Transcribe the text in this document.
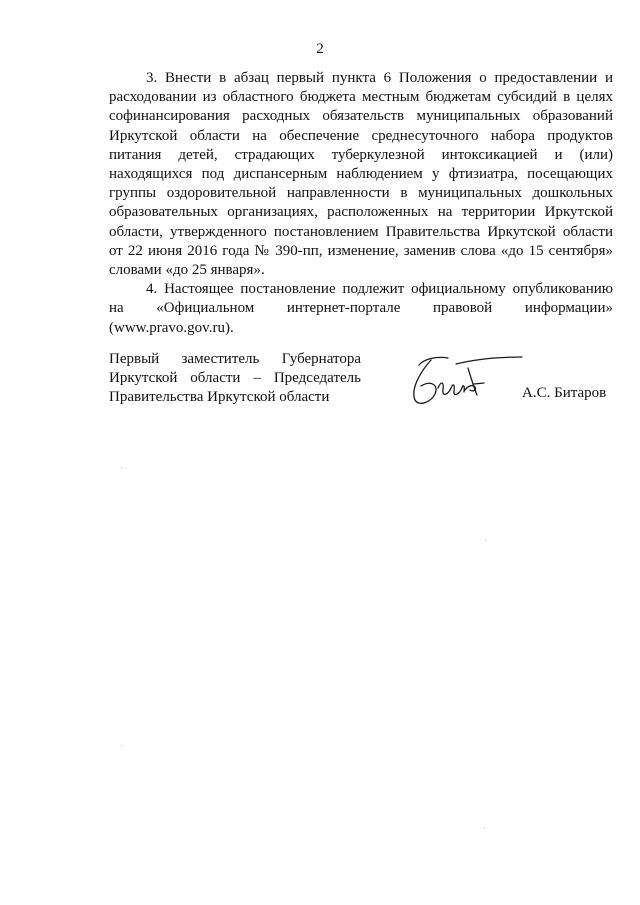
2

3. Внести в абзац первый пункта 6 Положения о предоставлении и расходовании из областного бюджета местным бюджетам субсидий в целях софинансирования расходных обязательств муниципальных образований Иркутской области на обеспечение среднесуточного набора продуктов питания детей, страдающих туберкулезной интоксикацией и (или) находящихся под диспансерным наблюдением у фтизиатра, посещающих группы оздоровительной направленности в муниципальных дошкольных образовательных организациях, расположенных на территории Иркутской области, утвержденного постановлением Правительства Иркутской области от 22 июня 2016 года № 390-пп, изменение, заменив слова «до 15 сентября» словами «до 25 января».

4. Настоящее постановление подлежит официальному опубликованию на «Официальном интернет-портале правовой информации» (www.pravo.gov.ru).

Первый заместитель Губернатора
Иркутской области – Председатель
Правительства Иркутской области	А.С. Битаров
